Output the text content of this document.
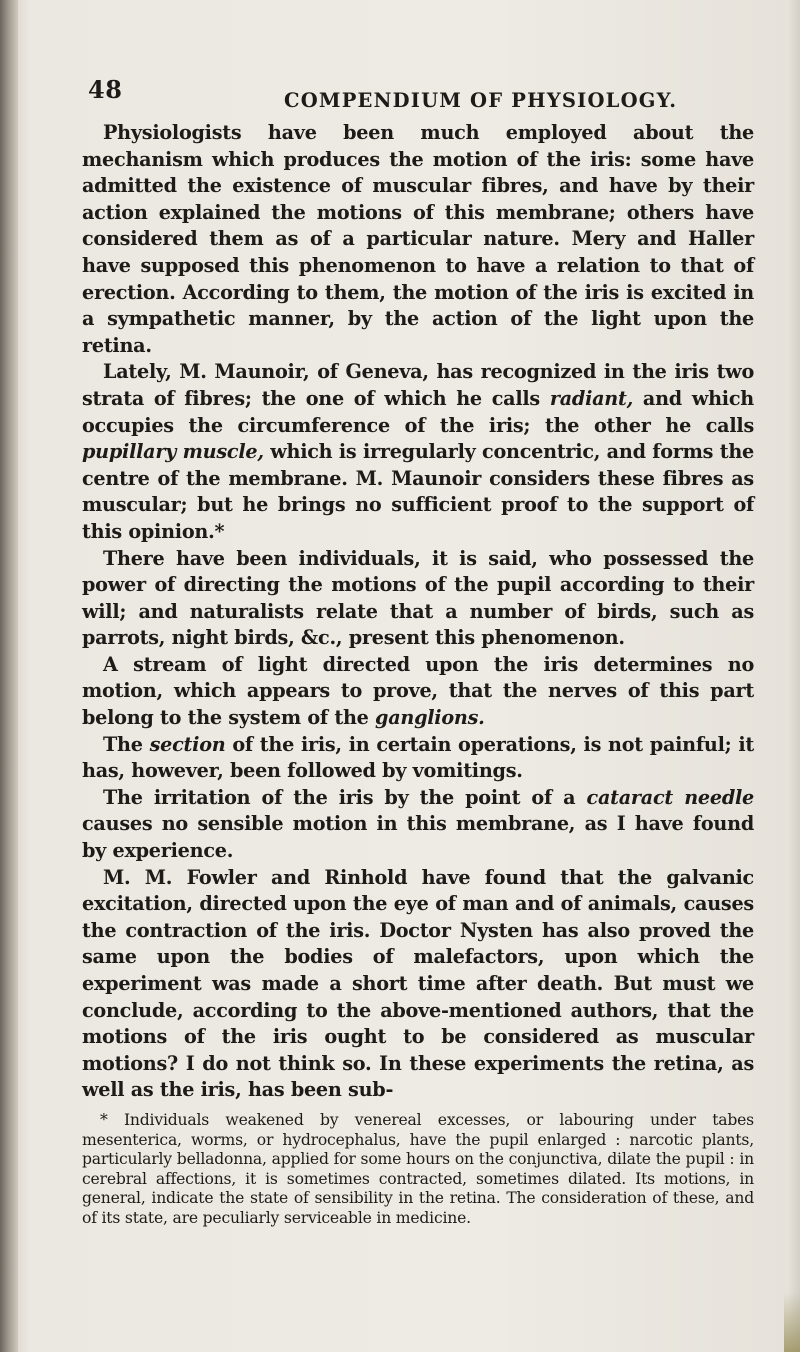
48	COMPENDIUM OF PHYSIOLOGY.

Physiologists have been much employed about the mechanism which produces the motion of the iris: some have admitted the existence of muscular fibres, and have by their action explained the motions of this membrane; others have considered them as of a particular nature. Mery and Haller have supposed this phenomenon to have a relation to that of erection. According to them, the motion of the iris is excited in a sympathetic manner, by the action of the light upon the retina.

Lately, M. Maunoir, of Geneva, has recognized in the iris two strata of fibres; the one of which he calls radiant, and which occupies the circumference of the iris; the other he calls pupillary muscle, which is irregularly concentric, and forms the centre of the membrane. M. Maunoir considers these fibres as muscular; but he brings no sufficient proof to the support of this opinion.*

There have been individuals, it is said, who possessed the power of directing the motions of the pupil according to their will; and naturalists relate that a number of birds, such as parrots, night birds, &c., present this phenomenon.

A stream of light directed upon the iris determines no motion, which appears to prove, that the nerves of this part belong to the system of the ganglions.

The section of the iris, in certain operations, is not painful; it has, however, been followed by vomitings.

The irritation of the iris by the point of a cataract needle causes no sensible motion in this membrane, as I have found by experience.

M. M. Fowler and Rinhold have found that the galvanic excitation, directed upon the eye of man and of animals, causes the contraction of the iris. Doctor Nysten has also proved the same upon the bodies of malefactors, upon which the experiment was made a short time after death. But must we conclude, according to the above-mentioned authors, that the motions of the iris ought to be considered as muscular motions? I do not think so. In these experiments the retina, as well as the iris, has been sub-

* Individuals weakened by venereal excesses, or labouring under tabes mesenterica, worms, or hydrocephalus, have the pupil enlarged : narcotic plants, particularly belladonna, applied for some hours on the conjunctiva, dilate the pupil : in cerebral affections, it is sometimes contracted, sometimes dilated. Its motions, in general, indicate the state of sensibility in the retina. The consideration of these, and of its state, are peculiarly serviceable in medicine.
